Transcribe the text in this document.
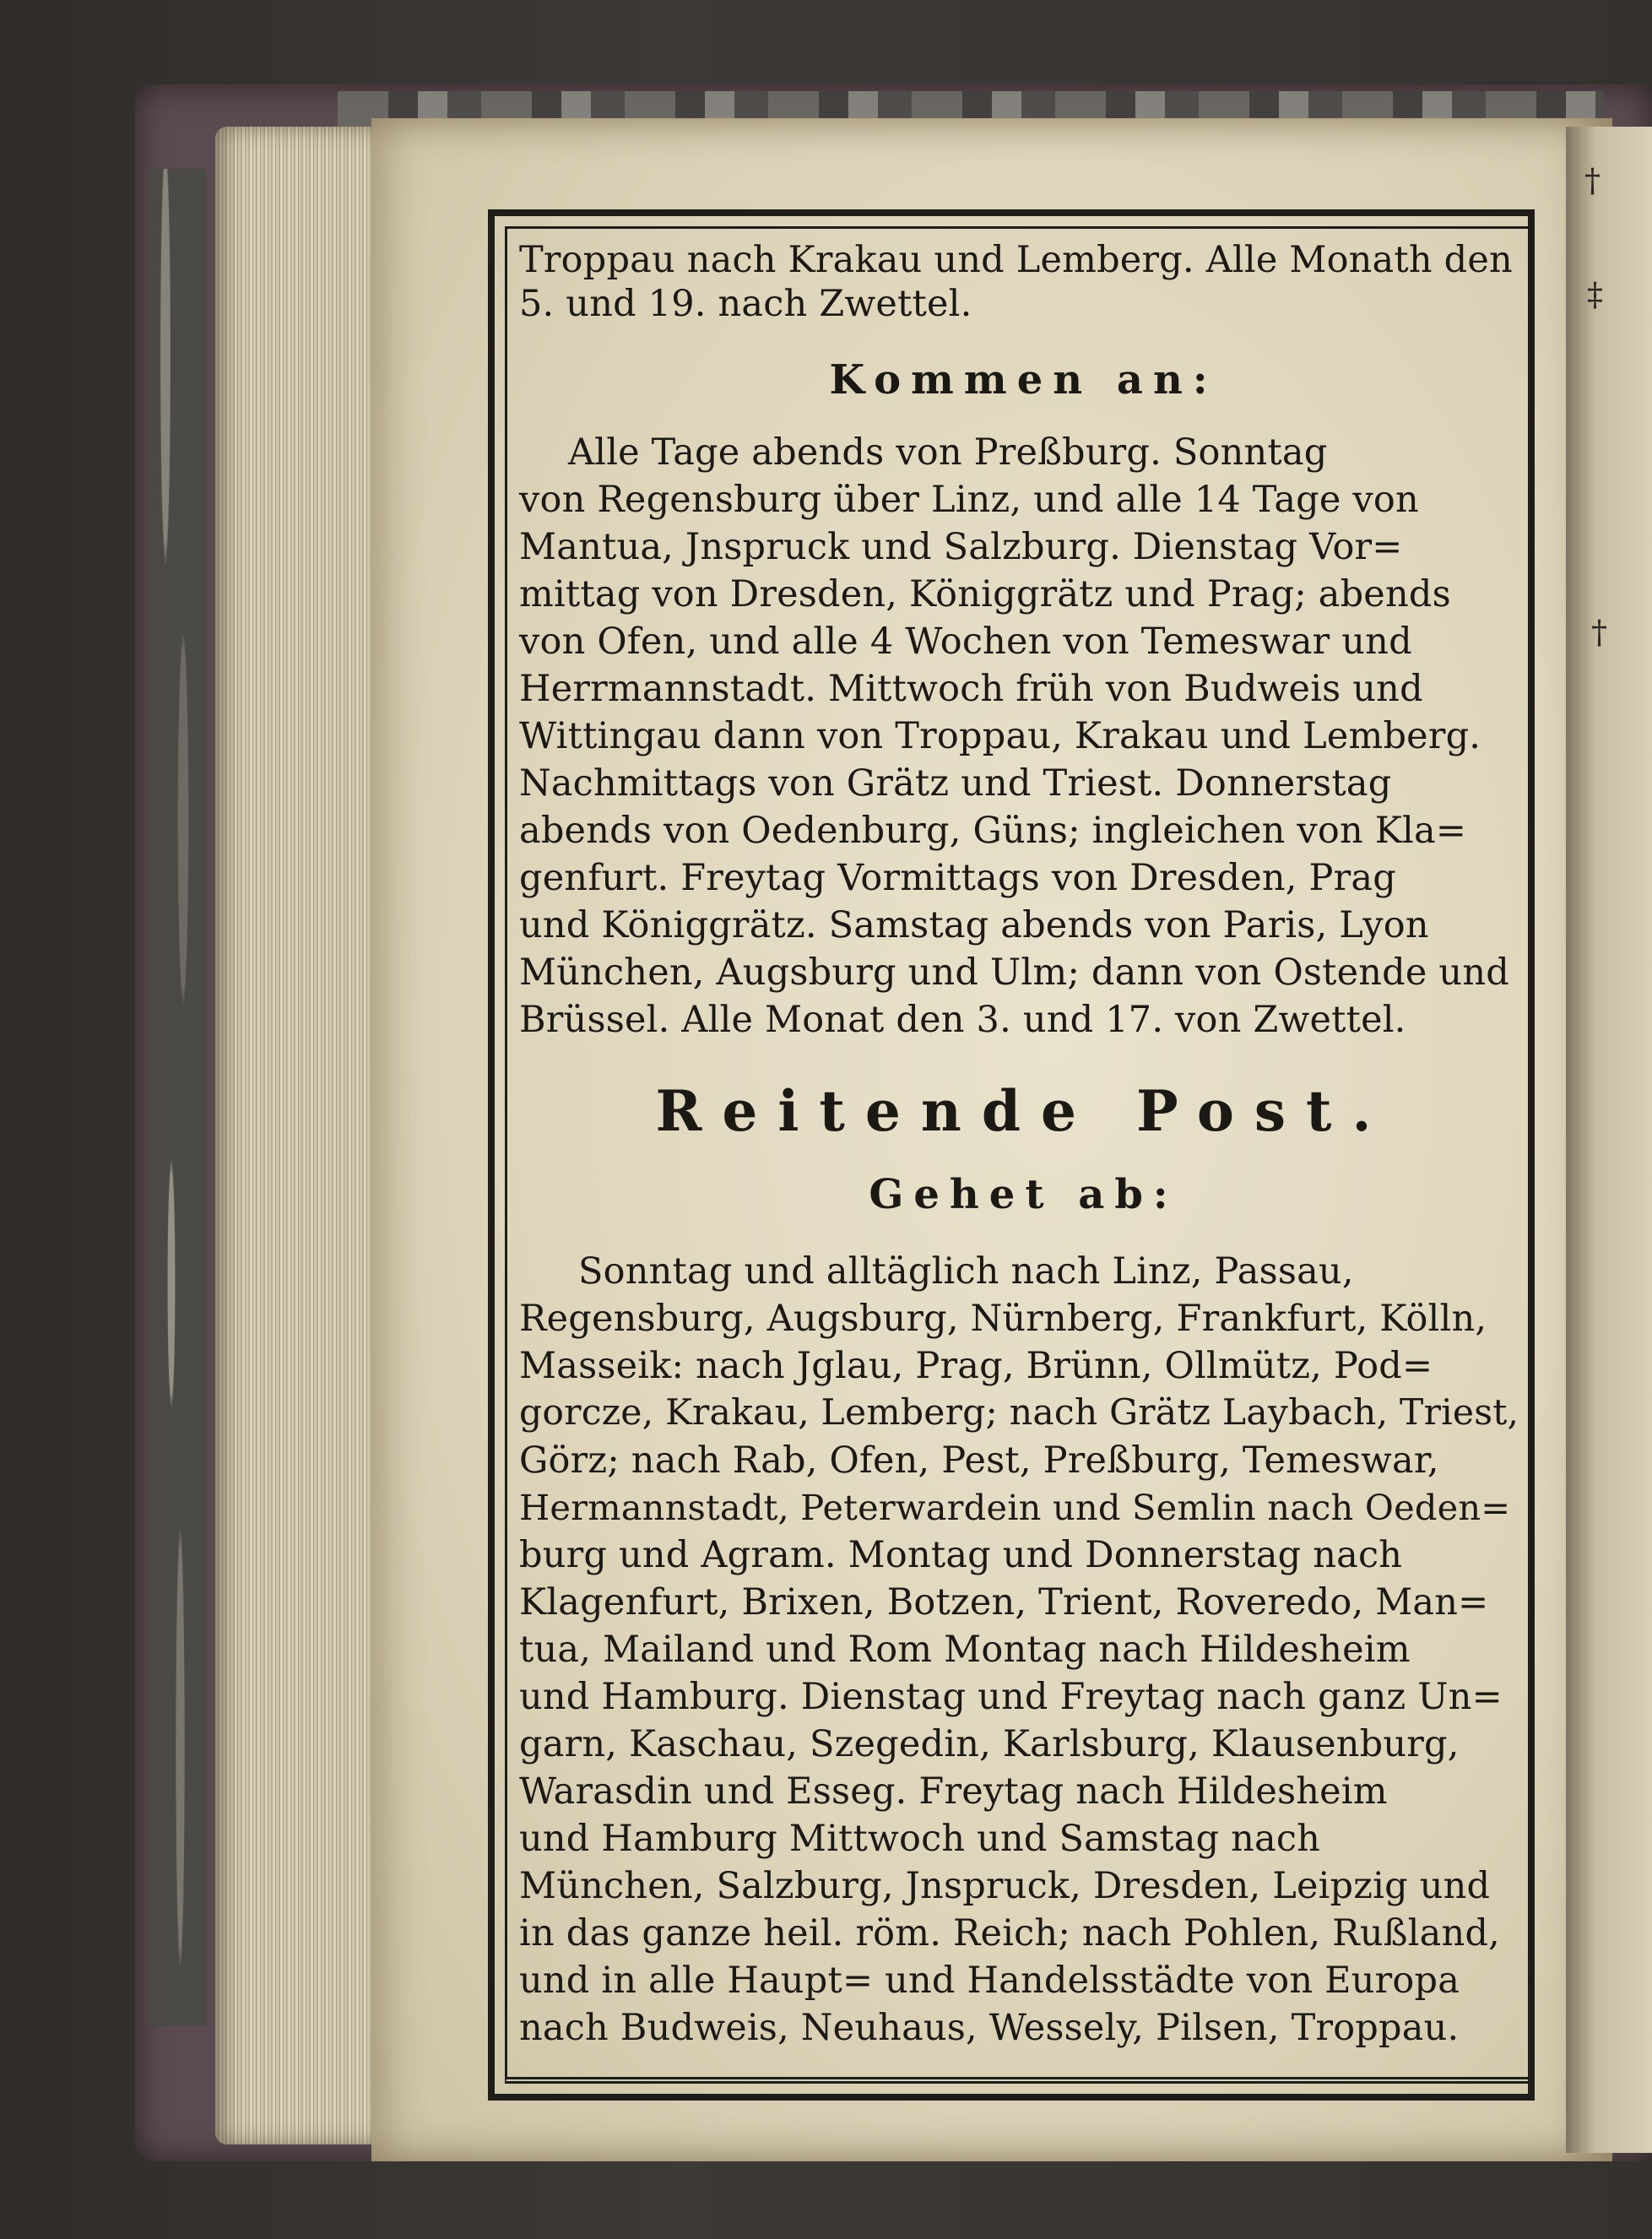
†
‡
†
Troppau nach Krakau und Lemberg. Alle Monath den
5. und 19. nach Zwettel.
Kommen an:
Alle Tage abends von Preßburg. Sonntag
von Regensburg über Linz, und alle 14 Tage von
Mantua, Jnspruck und Salzburg. Dienstag Vor=
mittag von Dresden, Königgrätz und Prag; abends
von Ofen, und alle 4 Wochen von Temeswar und
Herrmannstadt. Mittwoch früh von Budweis und
Wittingau dann von Troppau, Krakau und Lemberg.
Nachmittags von Grätz und Triest. Donnerstag
abends von Oedenburg, Güns; ingleichen von Kla=
genfurt. Freytag Vormittags von Dresden, Prag
und Königgrätz. Samstag abends von Paris, Lyon
München, Augsburg und Ulm; dann von Ostende und
Brüssel. Alle Monat den 3. und 17. von Zwettel.
Reitende Post.
Gehet ab:
Sonntag und alltäglich nach Linz, Passau,
Regensburg, Augsburg, Nürnberg, Frankfurt, Kölln,
Masseik: nach Jglau, Prag, Brünn, Ollmütz, Pod=
gorcze, Krakau, Lemberg; nach Grätz Laybach, Triest,
Görz; nach Rab, Ofen, Pest, Preßburg, Temeswar,
Hermannstadt, Peterwardein und Semlin nach Oeden=
burg und Agram. Montag und Donnerstag nach
Klagenfurt, Brixen, Botzen, Trient, Roveredo, Man=
tua, Mailand und Rom Montag nach Hildesheim
und Hamburg. Dienstag und Freytag nach ganz Un=
garn, Kaschau, Szegedin, Karlsburg, Klausenburg,
Warasdin und Esseg. Freytag nach Hildesheim
und Hamburg Mittwoch und Samstag nach
München, Salzburg, Jnspruck, Dresden, Leipzig und
in das ganze heil. röm. Reich; nach Pohlen, Rußland,
und in alle Haupt= und Handelsstädte von Europa
nach Budweis, Neuhaus, Wessely, Pilsen, Troppau.
